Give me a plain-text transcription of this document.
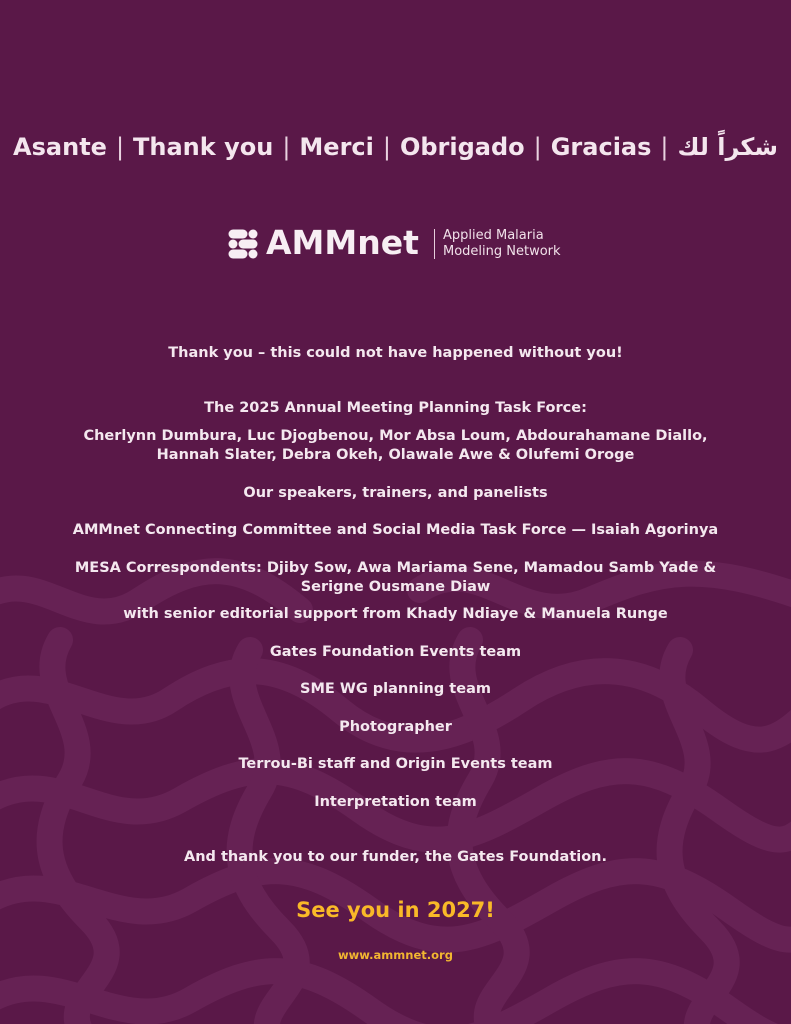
Asante | Thank you | Merci | Obrigado | Gracias | شكراً لك
AMMnet Applied Malaria
Modeling Network
Thank you – this could not have happened without you!
The 2025 Annual Meeting Planning Task Force:
Cherlynn Dumbura, Luc Djogbenou, Mor Absa Loum, Abdourahamane Diallo,
Hannah Slater, Debra Okeh, Olawale Awe & Olufemi Oroge
Our speakers, trainers, and panelists
AMMnet Connecting Committee and Social Media Task Force — Isaiah Agorinya
MESA Correspondents: Djiby Sow, Awa Mariama Sene, Mamadou Samb Yade &
Serigne Ousmane Diaw
with senior editorial support from Khady Ndiaye & Manuela Runge
Gates Foundation Events team
SME WG planning team
Photographer
Terrou-Bi staff and Origin Events team
Interpretation team
And thank you to our funder, the Gates Foundation.
See you in 2027!
www.ammnet.org
